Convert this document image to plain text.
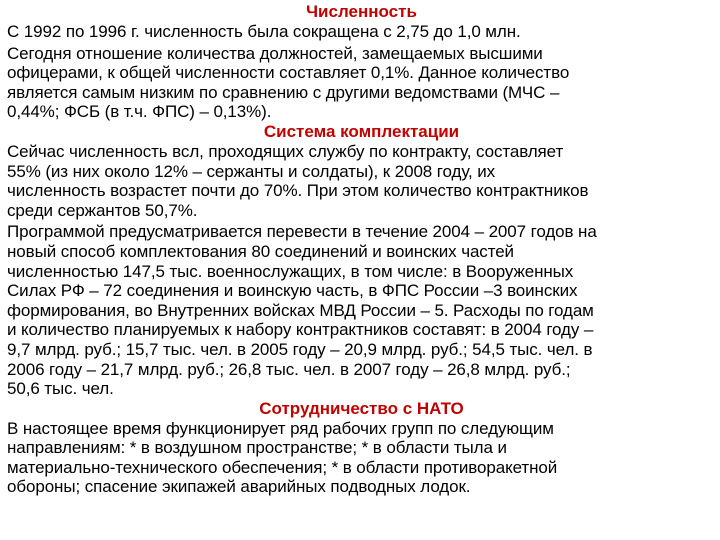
Численность

С 1992 по 1996 г. численность была сокращена с 2,75 до 1,0 млн.

Сегодня отношение количества должностей, замещаемых высшими
офицерами, к общей численности составляет 0,1%. Данное количество
является самым низким по сравнению с другими ведомствами (МЧС –
0,44%; ФСБ (в т.ч. ФПС) – 0,13%).

Система комплектации

Сейчас численность всл, проходящих службу по контракту, составляет
55% (из них около 12% – сержанты и солдаты), к 2008 году, их
численность возрастет почти до 70%. При этом количество контрактников
среди сержантов 50,7%.

Программой предусматривается перевести в течение 2004 – 2007 годов на
новый способ комплектования 80 соединений и воинских частей
численностью 147,5 тыс. военнослужащих, в том числе: в Вооруженных
Силах РФ – 72 соединения и воинскую часть, в ФПС России –3 воинских
формирования, во Внутренних войсках МВД России – 5. Расходы по годам
и количество планируемых к набору контрактников составят: в 2004 году –
9,7 млрд. руб.; 15,7 тыс. чел. в 2005 году – 20,9 млрд. руб.; 54,5 тыс. чел. в
2006 году – 21,7 млрд. руб.; 26,8 тыс. чел. в 2007 году – 26,8 млрд. руб.;
50,6 тыс. чел.

Сотрудничество с НАТО

В настоящее время функционирует ряд рабочих групп по следующим
направлениям: * в воздушном пространстве; * в области тыла и
материально-технического обеспечения; * в области противоракетной
обороны; спасение экипажей аварийных подводных лодок.
